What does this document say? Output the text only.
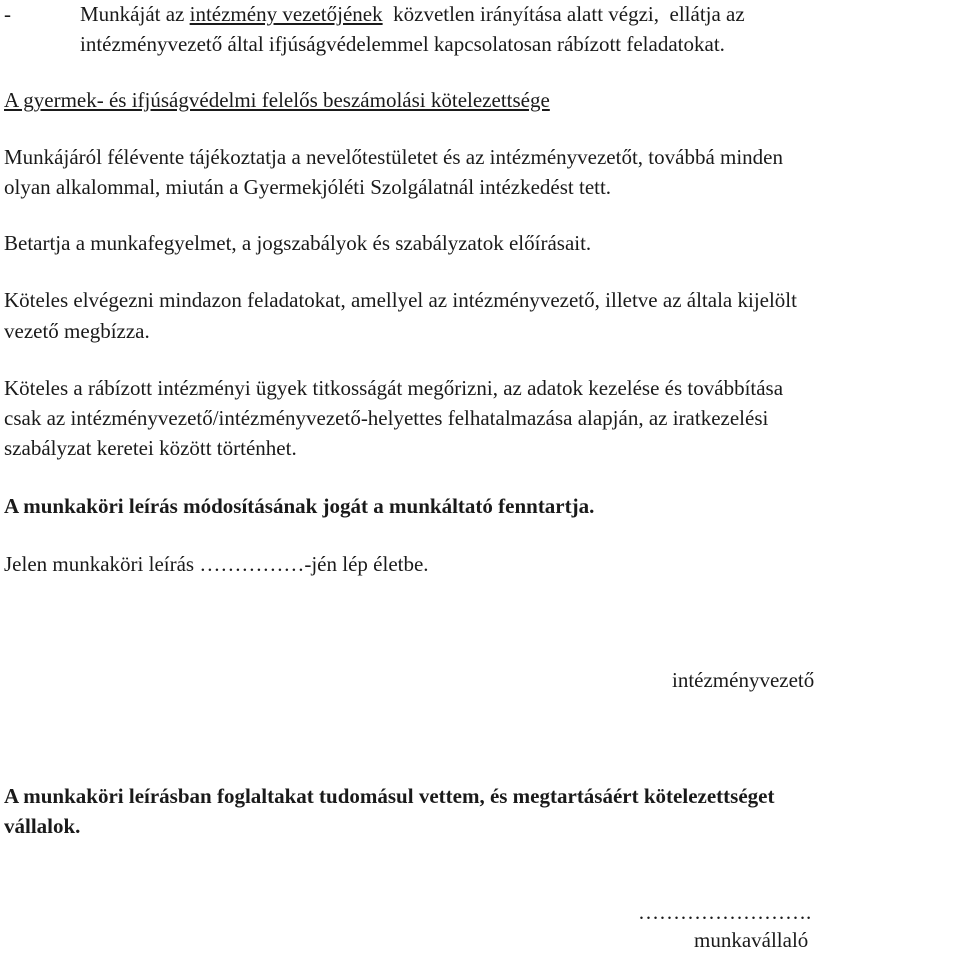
-	Munkáját az intézmény vezetőjének  közvetlen irányítása alatt végzi,  ellátja az
intézményvezető által ifjúságvédelemmel kapcsolatosan rábízott feladatokat.
A gyermek- és ifjúságvédelmi felelős beszámolási kötelezettsége
Munkájáról félévente tájékoztatja a nevelőtestületet és az intézményvezetőt, továbbá minden
olyan alkalommal, miután a Gyermekjóléti Szolgálatnál intézkedést tett.
Betartja a munkafegyelmet, a jogszabályok és szabályzatok előírásait.
Köteles elvégezni mindazon feladatokat, amellyel az intézményvezető, illetve az általa kijelölt
vezető megbízza.
Köteles a rábízott intézményi ügyek titkosságát megőrizni, az adatok kezelése és továbbítása
csak az intézményvezető/intézményvezető-helyettes felhatalmazása alapján, az iratkezelési
szabályzat keretei között történhet.
A munkaköri leírás módosításának jogát a munkáltató fenntartja.
Jelen munkaköri leírás ……………-jén lép életbe.
intézményvezető
A munkaköri leírásban foglaltakat tudomásul vettem, és megtartásáért kötelezettséget
vállalok.
…………………….
munkavállaló
